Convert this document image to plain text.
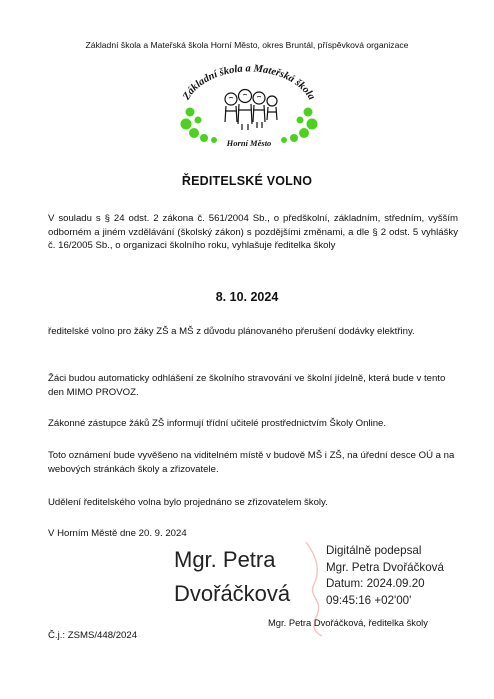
Základní škola a Mateřská škola Horní Město, okres Bruntál, příspěvková organizace
Základní škola a Mateřská škola
Horní Město
ŘEDITELSKÉ VOLNO
V souladu s § 24 odst. 2 zákona č. 561/2004 Sb., o předškolní, základním, středním, vyšším odborném a jiném vzdělávání (školský zákon) s pozdějšími změnami, a dle § 2 odst. 5 vyhlášky č. 16/2005 Sb., o organizaci školního roku, vyhlašuje ředitelka školy
8. 10. 2024
ředitelské volno pro žáky ZŠ a MŠ z důvodu plánovaného přerušení dodávky elektřiny.
Žáci budou automaticky odhlášení ze školního stravování ve školní jídelně, která bude v tento den MIMO PROVOZ.
Zákonné zástupce žáků ZŠ informují třídní učitelé prostřednictvím Školy Online.
Toto oznámení bude vyvěšeno na viditelném místě v budově MŠ i ZŠ, na úřední desce OÚ a na webových stránkách školy a zřizovatele.
Udělení ředitelského volna bylo projednáno se zřizovatelem školy.
V Horním Městě dne 20. 9. 2024
Mgr. Petra
Dvořáčková
Digitálně podepsal
Mgr. Petra Dvořáčková
Datum: 2024.09.20
09:45:16 +02'00'
Mgr. Petra Dvořáčková, ředitelka školy
Č.j.: ZSMS/448/2024
